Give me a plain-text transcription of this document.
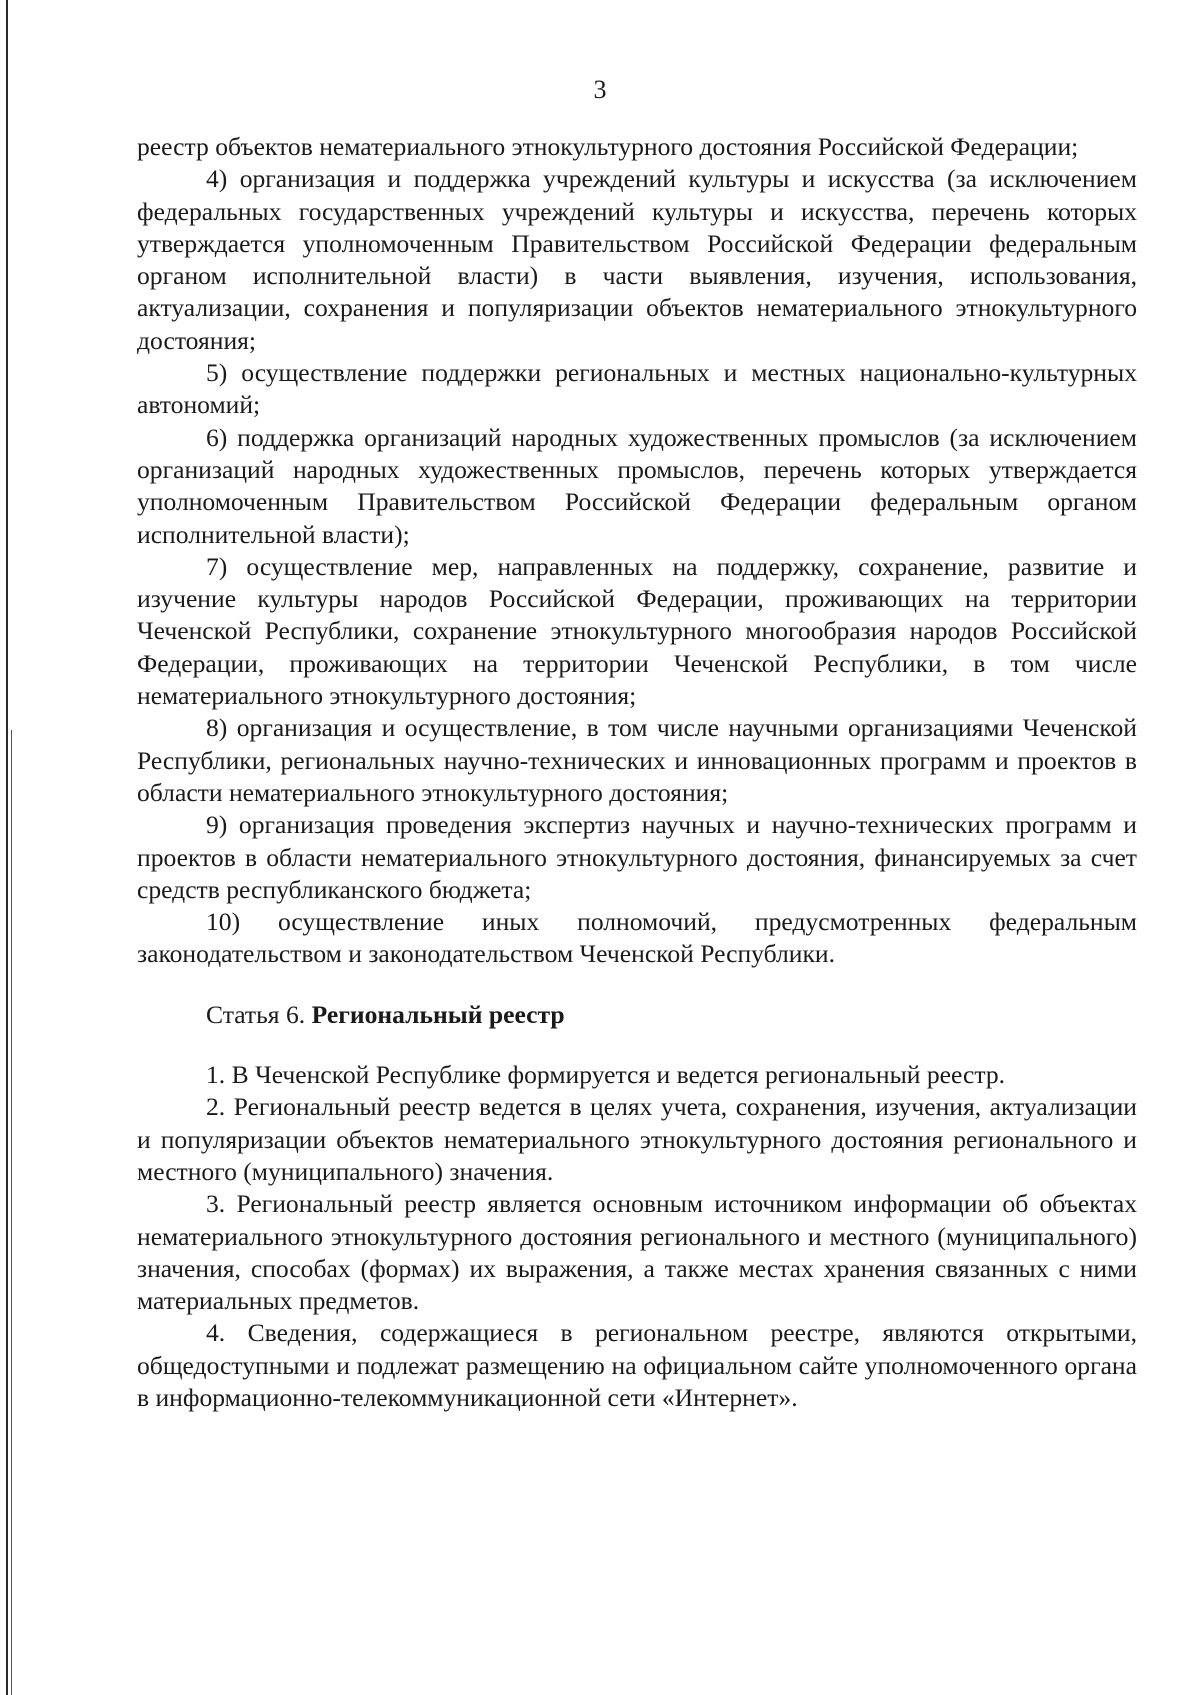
3

реестр объектов нематериального этнокультурного достояния Российской Федерации;

4) организация и поддержка учреждений культуры и искусства (за исключением федеральных государственных учреждений культуры и искусства, перечень которых утверждается уполномоченным Правительством Российской Федерации федеральным органом исполнительной власти) в части выявления, изучения, использования, актуализации, сохранения и популяризации объектов нематериального этнокультурного достояния;

5) осуществление поддержки региональных и местных национально-культурных автономий;

6) поддержка организаций народных художественных промыслов (за исключением организаций народных художественных промыслов, перечень которых утверждается уполномоченным Правительством Российской Федерации федеральным органом исполнительной власти);

7) осуществление мер, направленных на поддержку, сохранение, развитие и изучение культуры народов Российской Федерации, проживающих на территории Чеченской Республики, сохранение этнокультурного многообразия народов Российской Федерации, проживающих на территории Чеченской Республики, в том числе нематериального этнокультурного достояния;

8) организация и осуществление, в том числе научными организациями Чеченской Республики, региональных научно-технических и инновационных программ и проектов в области нематериального этнокультурного достояния;

9) организация проведения экспертиз научных и научно-технических программ и проектов в области нематериального этнокультурного достояния, финансируемых за счет средств республиканского бюджета;

10) осуществление иных полномочий, предусмотренных федеральным законодательством и законодательством Чеченской Республики.

Статья 6. Региональный реестр

1. В Чеченской Республике формируется и ведется региональный реестр.

2. Региональный реестр ведется в целях учета, сохранения, изучения, актуализации и популяризации объектов нематериального этнокультурного достояния регионального и местного (муниципального) значения.

3. Региональный реестр является основным источником информации об объектах нематериального этнокультурного достояния регионального и местного (муниципального) значения, способах (формах) их выражения, а также местах хранения связанных с ними материальных предметов.

4. Сведения, содержащиеся в региональном реестре, являются открытыми, общедоступными и подлежат размещению на официальном сайте уполномоченного органа в информационно-телекоммуникационной сети «Интернет».
